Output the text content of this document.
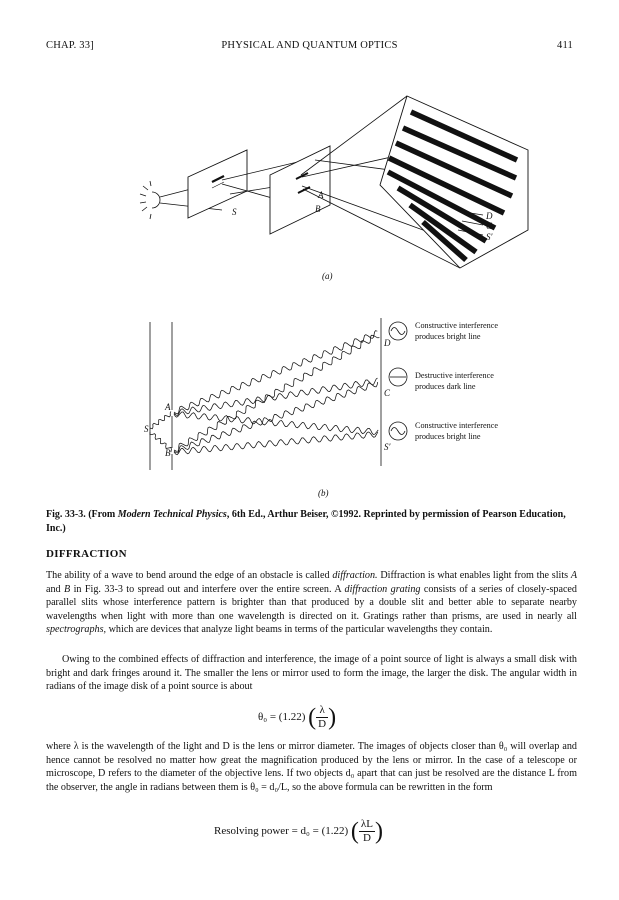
CHAP. 33]	PHYSICAL AND QUANTUM OPTICS	411
S
A
B
D
C
S′
(a)
S
A
B
D
C
S′
Constructive interference
produces bright line
Destructive interference
produces dark line
Constructive interference
produces bright line
(b)
Fig. 33-3. (From Modern Technical Physics, 6th Ed., Arthur Beiser, ©1992. Reprinted by permission of Pearson Education, Inc.)
DIFFRACTION
The ability of a wave to bend around the edge of an obstacle is called diffraction. Diffraction is what enables light from the slits A and B in Fig. 33-3 to spread out and interfere over the entire screen. A diffraction grating consists of a series of closely-spaced parallel slits whose interference pattern is brighter than that produced by a double slit and better able to separate nearby wavelengths when light with more than one wavelength is directed on it. Gratings rather than prisms, are used in nearly all spectrographs, which are devices that analyze light beams in terms of the particular wavelengths they contain.
Owing to the combined effects of diffraction and interference, the image of a point source of light is always a small disk with bright and dark fringes around it. The smaller the lens or mirror used to form the image, the larger the disk. The angular width in radians of the image disk of a point source is about
θ₀ = (1.22) ( $\frac{\lambda}{D}$ )
where λ is the wavelength of the light and D is the lens or mirror diameter. The images of objects closer than θ₀ will overlap and hence cannot be resolved no matter how great the magnification produced by the lens or mirror. In the case of a telescope or microscope, D refers to the diameter of the objective lens. If two objects d₀ apart that can just be resolved are the distance L from the observer, the angle in radians between them is θ₀ = d₀/L, so the above formula can be rewritten in the form
Resolving power = d₀ = (1.22) ( $\frac{\lambda L}{D}$ )
